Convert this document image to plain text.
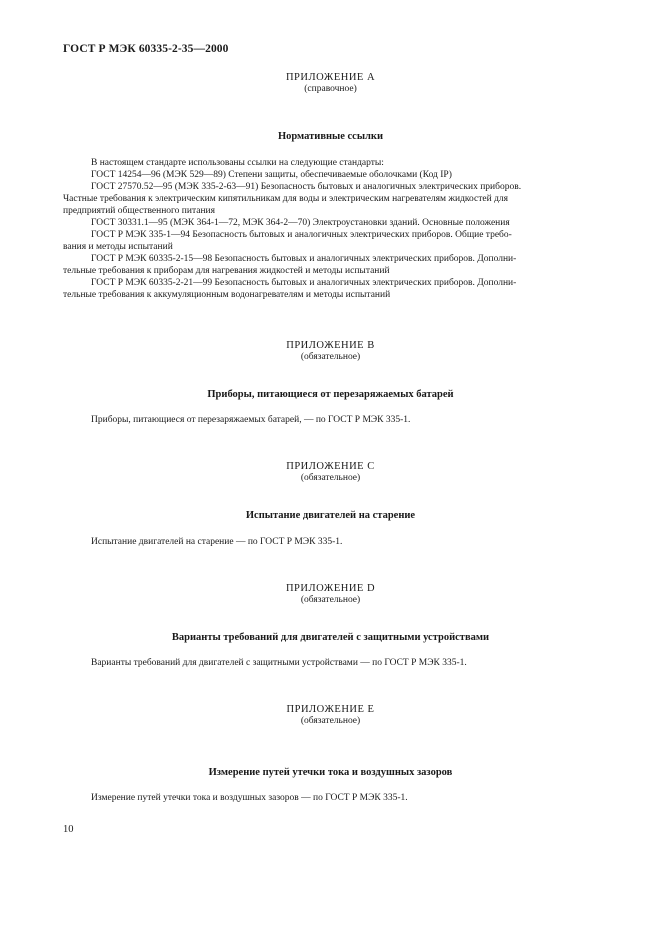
ГОСТ Р МЭК 60335-2-35—2000
ПРИЛОЖЕНИЕ А
(справочное)
Нормативные ссылки
В настоящем стандарте использованы ссылки на следующие стандарты:
ГОСТ 14254—96 (МЭК 529—89) Степени защиты, обеспечиваемые оболочками (Код IP)
ГОСТ 27570.52—95 (МЭК 335-2-63—91) Безопасность бытовых и аналогичных электрических приборов.
Частные требования к электрическим кипятильникам для воды и электрическим нагревателям жидкостей для
предприятий общественного питания
ГОСТ 30331.1—95 (МЭК 364-1—72, МЭК 364-2—70) Электроустановки зданий. Основные положения
ГОСТ Р МЭК 335-1—94 Безопасность бытовых и аналогичных электрических приборов. Общие требо-
вания и методы испытаний
ГОСТ Р МЭК 60335-2-15—98 Безопасность бытовых и аналогичных электрических приборов. Дополни-
тельные требования к приборам для нагревания жидкостей и методы испытаний
ГОСТ Р МЭК 60335-2-21—99 Безопасность бытовых и аналогичных электрических приборов. Дополни-
тельные требования к аккумуляционным водонагревателям и методы испытаний
ПРИЛОЖЕНИЕ В
(обязательное)
Приборы, питающиеся от перезаряжаемых батарей
Приборы, питающиеся от перезаряжаемых батарей, — по ГОСТ Р МЭК 335-1.
ПРИЛОЖЕНИЕ С
(обязательное)
Испытание двигателей на старение
Испытание двигателей на старение — по ГОСТ Р МЭК 335-1.
ПРИЛОЖЕНИЕ D
(обязательное)
Варианты требований для двигателей с защитными устройствами
Варианты требований для двигателей с защитными устройствами — по ГОСТ Р МЭК 335-1.
ПРИЛОЖЕНИЕ Е
(обязательное)
Измерение путей утечки тока и воздушных зазоров
Измерение путей утечки тока и воздушных зазоров — по ГОСТ Р МЭК 335-1.
10
